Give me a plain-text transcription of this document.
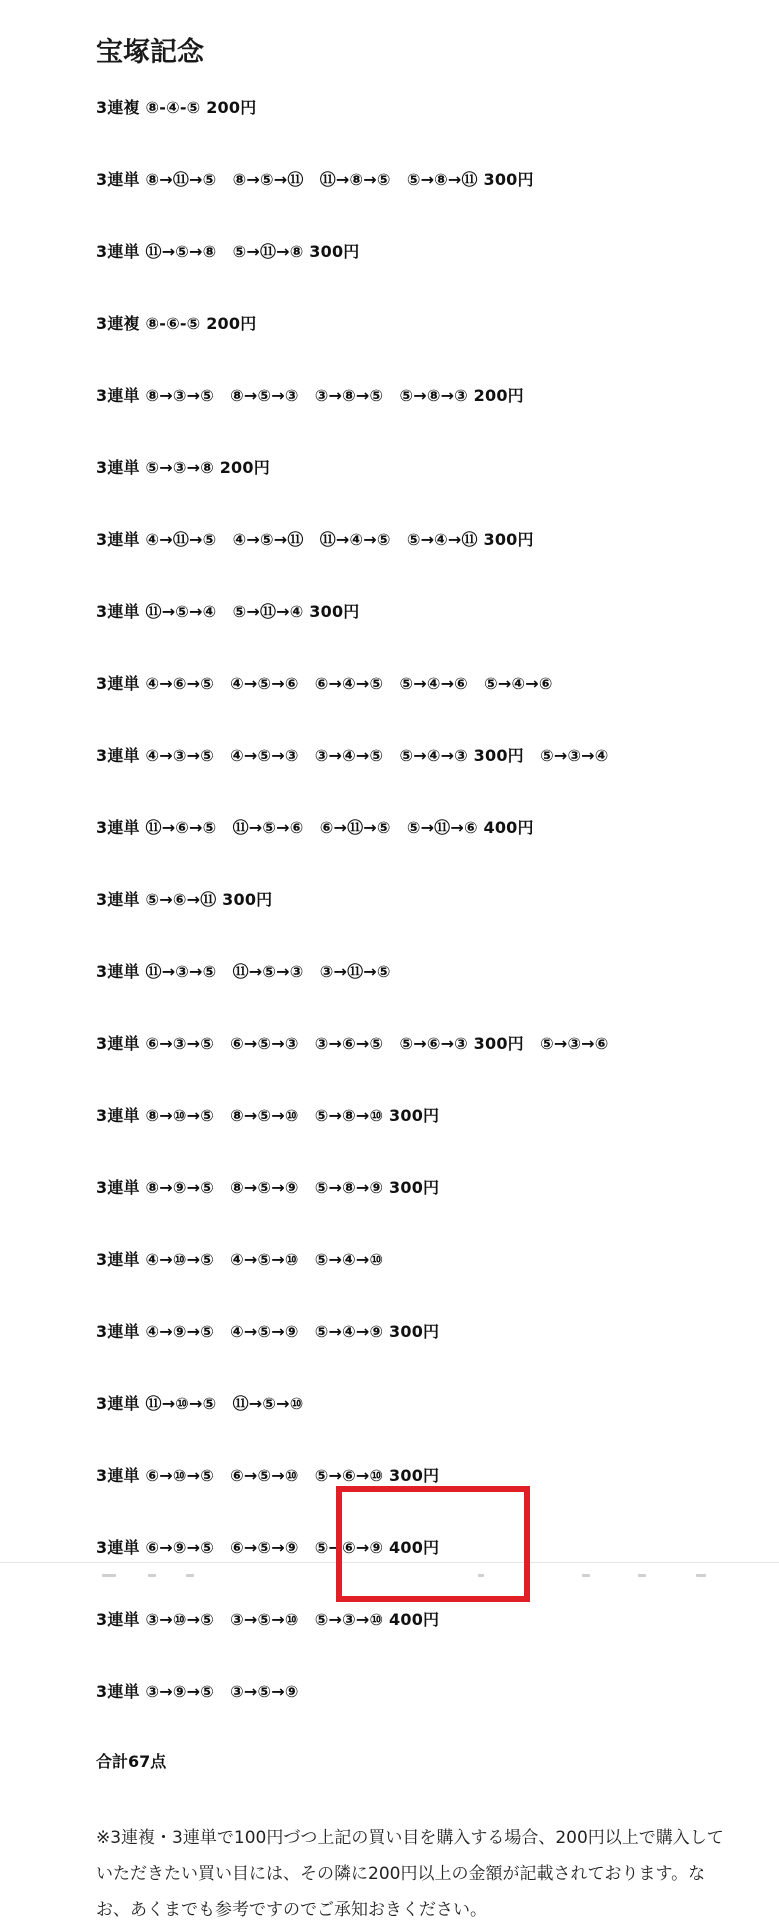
宝塚記念
3連複 ⑧-④-⑤ 200円
3連単 ⑧→⑪→⑤　⑧→⑤→⑪　⑪→⑧→⑤　⑤→⑧→⑪ 300円
3連単 ⑪→⑤→⑧　⑤→⑪→⑧ 300円
3連複 ⑧-⑥-⑤ 200円
3連単 ⑧→③→⑤　⑧→⑤→③　③→⑧→⑤　⑤→⑧→③ 200円
3連単 ⑤→③→⑧ 200円
3連単 ④→⑪→⑤　④→⑤→⑪　⑪→④→⑤　⑤→④→⑪ 300円
3連単 ⑪→⑤→④　⑤→⑪→④ 300円
3連単 ④→⑥→⑤　④→⑤→⑥　⑥→④→⑤　⑤→④→⑥　⑤→④→⑥
3連単 ④→③→⑤　④→⑤→③　③→④→⑤　⑤→④→③ 300円　⑤→③→④
3連単 ⑪→⑥→⑤　⑪→⑤→⑥　⑥→⑪→⑤　⑤→⑪→⑥ 400円
3連単 ⑤→⑥→⑪ 300円
3連単 ⑪→③→⑤　⑪→⑤→③　③→⑪→⑤
3連単 ⑥→③→⑤　⑥→⑤→③　③→⑥→⑤　⑤→⑥→③ 300円　⑤→③→⑥
3連単 ⑧→⑩→⑤　⑧→⑤→⑩　⑤→⑧→⑩ 300円
3連単 ⑧→⑨→⑤　⑧→⑤→⑨　⑤→⑧→⑨ 300円
3連単 ④→⑩→⑤　④→⑤→⑩　⑤→④→⑩
3連単 ④→⑨→⑤　④→⑤→⑨　⑤→④→⑨ 300円
3連単 ⑪→⑩→⑤　⑪→⑤→⑩
3連単 ⑥→⑩→⑤　⑥→⑤→⑩　⑤→⑥→⑩ 300円
3連単 ⑥→⑨→⑤　⑥→⑤→⑨　⑤→⑥→⑨ 400円
3連単 ③→⑩→⑤　③→⑤→⑩　⑤→③→⑩ 400円
3連単 ③→⑨→⑤　③→⑤→⑨
合計67点
※3連複・3連単で100円づつ上記の買い目を購入する場合、200円以上で購入していただきたい買い目には、その隣に200円以上の金額が記載されております。なお、あくまでも参考ですのでご承知おきください。
